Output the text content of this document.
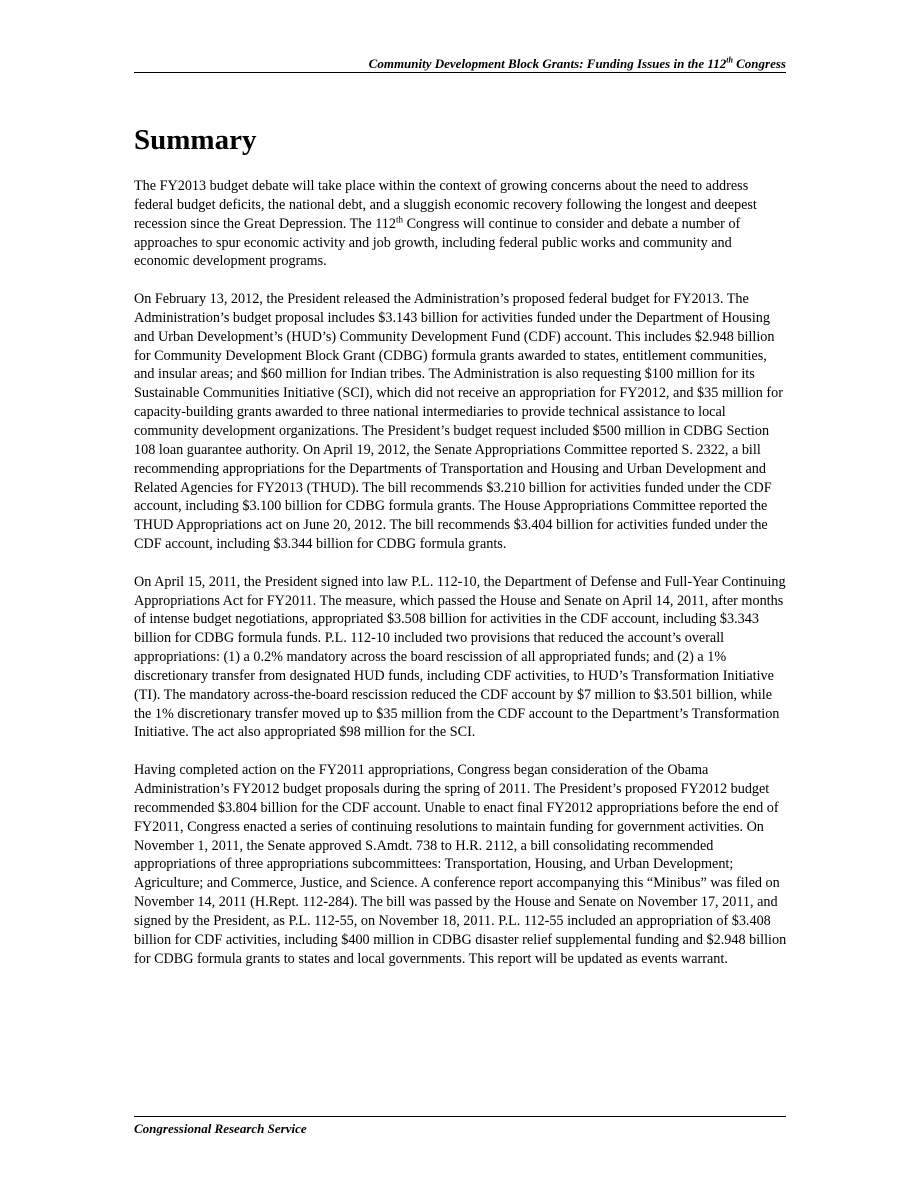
Community Development Block Grants: Funding Issues in the 112th Congress
Summary

The FY2013 budget debate will take place within the context of growing concerns about the need to address federal budget deficits, the national debt, and a sluggish economic recovery following the longest and deepest recession since the Great Depression. The 112th Congress will continue to consider and debate a number of approaches to spur economic activity and job growth, including federal public works and community and economic development programs.

On February 13, 2012, the President released the Administration’s proposed federal budget for FY2013. The Administration’s budget proposal includes $3.143 billion for activities funded under the Department of Housing and Urban Development’s (HUD’s) Community Development Fund (CDF) account. This includes $2.948 billion for Community Development Block Grant (CDBG) formula grants awarded to states, entitlement communities, and insular areas; and $60 million for Indian tribes. The Administration is also requesting $100 million for its Sustainable Communities Initiative (SCI), which did not receive an appropriation for FY2012, and $35 million for capacity-building grants awarded to three national intermediaries to provide technical assistance to local community development organizations. The President’s budget request included $500 million in CDBG Section 108 loan guarantee authority. On April 19, 2012, the Senate Appropriations Committee reported S. 2322, a bill recommending appropriations for the Departments of Transportation and Housing and Urban Development and Related Agencies for FY2013 (THUD). The bill recommends $3.210 billion for activities funded under the CDF account, including $3.100 billion for CDBG formula grants. The House Appropriations Committee reported the THUD Appropriations act on June 20, 2012. The bill recommends $3.404 billion for activities funded under the CDF account, including $3.344 billion for CDBG formula grants.

On April 15, 2011, the President signed into law P.L. 112-10, the Department of Defense and Full-Year Continuing Appropriations Act for FY2011. The measure, which passed the House and Senate on April 14, 2011, after months of intense budget negotiations, appropriated $3.508 billion for activities in the CDF account, including $3.343 billion for CDBG formula funds. P.L. 112-10 included two provisions that reduced the account’s overall appropriations: (1) a 0.2% mandatory across the board rescission of all appropriated funds; and (2) a 1% discretionary transfer from designated HUD funds, including CDF activities, to HUD’s Transformation Initiative (TI). The mandatory across-the-board rescission reduced the CDF account by $7 million to $3.501 billion, while the 1% discretionary transfer moved up to $35 million from the CDF account to the Department’s Transformation Initiative. The act also appropriated $98 million for the SCI.

Having completed action on the FY2011 appropriations, Congress began consideration of the Obama Administration’s FY2012 budget proposals during the spring of 2011. The President’s proposed FY2012 budget recommended $3.804 billion for the CDF account. Unable to enact final FY2012 appropriations before the end of FY2011, Congress enacted a series of continuing resolutions to maintain funding for government activities. On November 1, 2011, the Senate approved S.Amdt. 738 to H.R. 2112, a bill consolidating recommended appropriations of three appropriations subcommittees: Transportation, Housing, and Urban Development; Agriculture; and Commerce, Justice, and Science. A conference report accompanying this “Minibus” was filed on November 14, 2011 (H.Rept. 112-284). The bill was passed by the House and Senate on November 17, 2011, and signed by the President, as P.L. 112-55, on November 18, 2011. P.L. 112-55 included an appropriation of $3.408 billion for CDF activities, including $400 million in CDBG disaster relief supplemental funding and $2.948 billion for CDBG formula grants to states and local governments. This report will be updated as events warrant.

Congressional Research Service
